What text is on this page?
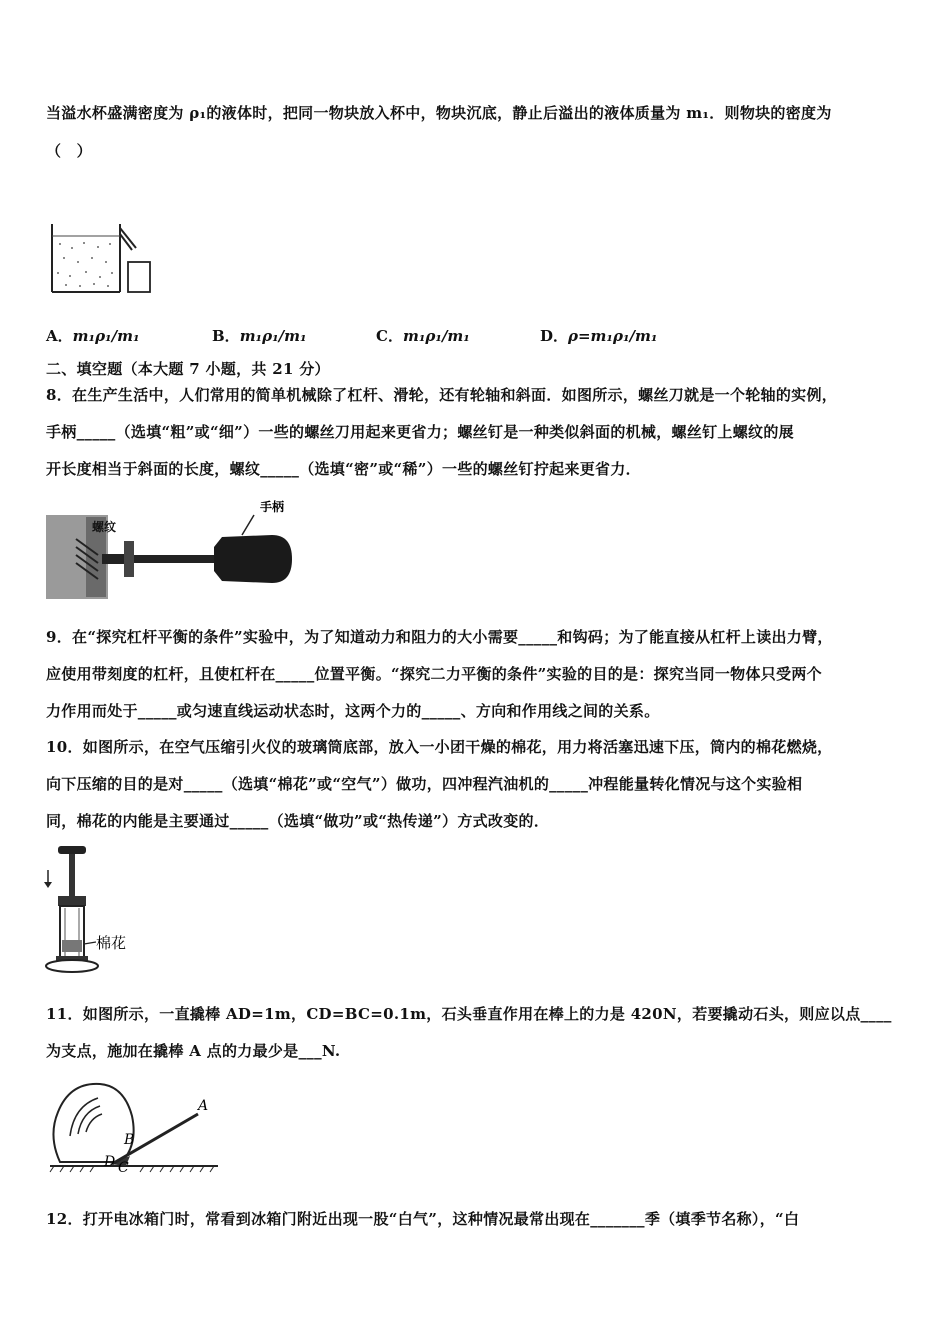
当溢水杯盛满密度为 ρ₁的液体时，把同一物块放入杯中，物块沉底，静止后溢出的液体质量为 m₁．则物块的密度为
（　）
A．m₁ρ₁/m₁	B．m₁ρ₁/m₁	C．m₁ρ₁/m₁	D．ρ=m₁ρ₁/m₁
二、填空题（本大题 7 小题，共 21 分）
8．在生产生活中，人们常用的简单机械除了杠杆、滑轮，还有轮轴和斜面．如图所示，螺丝刀就是一个轮轴的实例，
手柄_____（选填“粗”或“细”）一些的螺丝刀用起来更省力；螺丝钉是一种类似斜面的机械，螺丝钉上螺纹的展
开长度相当于斜面的长度，螺纹_____（选填“密”或“稀”）一些的螺丝钉拧起来更省力．
手柄
螺纹
9．在“探究杠杆平衡的条件”实验中，为了知道动力和阻力的大小需要_____和钩码；为了能直接从杠杆上读出力臂，
应使用带刻度的杠杆，且使杠杆在_____位置平衡。“探究二力平衡的条件”实验的目的是：探究当同一物体只受两个
力作用而处于_____或匀速直线运动状态时，这两个力的_____、方向和作用线之间的关系。
10．如图所示，在空气压缩引火仪的玻璃筒底部，放入一小团干燥的棉花，用力将活塞迅速下压，筒内的棉花燃烧，
向下压缩的目的是对_____（选填“棉花”或“空气”）做功，四冲程汽油机的_____冲程能量转化情况与这个实验相
同，棉花的内能是主要通过_____（选填“做功”或“热传递”）方式改变的．
棉花
11．如图所示，一直撬棒 AD=1m，CD=BC=0.1m，石头垂直作用在棒上的力是 420N，若要撬动石头，则应以点____
为支点，施加在撬棒 A 点的力最少是___N.
A
B
C
D
12．打开电冰箱门时，常看到冰箱门附近出现一股“白气”，这种情况最常出现在_______季（填季节名称），“白
